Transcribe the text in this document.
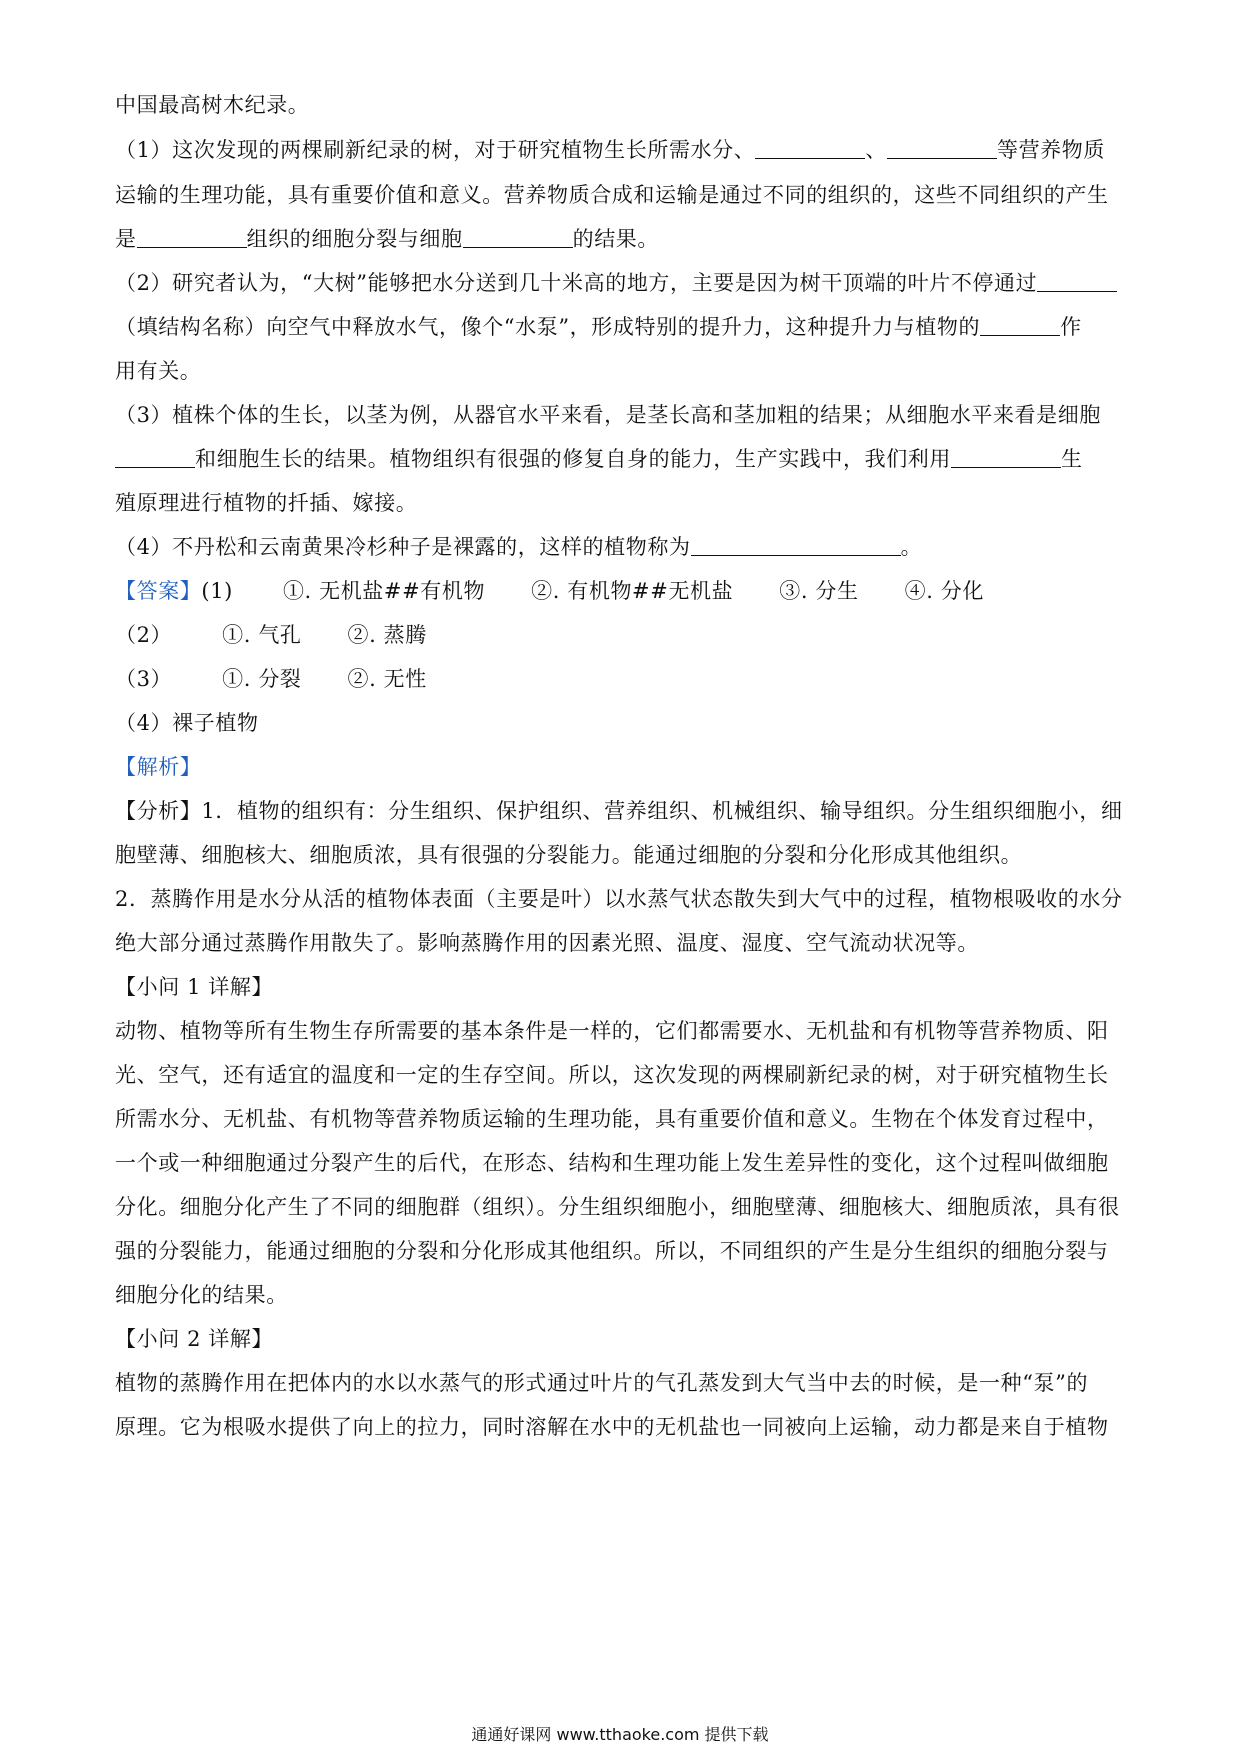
中国最高树木纪录。
（1）这次发现的两棵刷新纪录的树，对于研究植物生长所需水分、	、	等营养物质
运输的生理功能，具有重要价值和意义。营养物质合成和运输是通过不同的组织的，这些不同组织的产生
是	组织的细胞分裂与细胞	的结果。
（2）研究者认为，“大树”能够把水分送到几十米高的地方，主要是因为树干顶端的叶片不停通过
（填结构名称）向空气中释放水气，像个“水泵”，形成特别的提升力，这种提升力与植物的	作
用有关。
（3）植株个体的生长，以茎为例，从器官水平来看，是茎长高和茎加粗的结果；从细胞水平来看是细胞
和细胞生长的结果。植物组织有很强的修复自身的能力，生产实践中，我们利用	生
殖原理进行植物的扦插、嫁接。
（4）不丹松和云南黄果冷杉种子是裸露的，这样的植物称为	。
【答案】(1) ①. 无机盐##有机物 ②. 有机物##无机盐 ③. 分生 ④. 分化
（2） ①. 气孔 ②. 蒸腾
（3） ①. 分裂 ②. 无性
（4）裸子植物
【解析】
【分析】1．植物的组织有：分生组织、保护组织、营养组织、机械组织、输导组织。分生组织细胞小，细
胞壁薄、细胞核大、细胞质浓，具有很强的分裂能力。能通过细胞的分裂和分化形成其他组织。
2．蒸腾作用是水分从活的植物体表面（主要是叶）以水蒸气状态散失到大气中的过程，植物根吸收的水分
绝大部分通过蒸腾作用散失了。影响蒸腾作用的因素光照、温度、湿度、空气流动状况等。
【小问 1 详解】
动物、植物等所有生物生存所需要的基本条件是一样的，它们都需要水、无机盐和有机物等营养物质、阳
光、空气，还有适宜的温度和一定的生存空间。所以，这次发现的两棵刷新纪录的树，对于研究植物生长
所需水分、无机盐、有机物等营养物质运输的生理功能，具有重要价值和意义。生物在个体发育过程中，
一个或一种细胞通过分裂产生的后代，在形态、结构和生理功能上发生差异性的变化，这个过程叫做细胞
分化。细胞分化产生了不同的细胞群（组织）。分生组织细胞小，细胞壁薄、细胞核大、细胞质浓，具有很
强的分裂能力，能通过细胞的分裂和分化形成其他组织。所以，不同组织的产生是分生组织的细胞分裂与
细胞分化的结果。
【小问 2 详解】
植物的蒸腾作用在把体内的水以水蒸气的形式通过叶片的气孔蒸发到大气当中去的时候，是一种“泵”的
原理。它为根吸水提供了向上的拉力，同时溶解在水中的无机盐也一同被向上运输，动力都是来自于植物
通通好课网 www.tthaoke.com 提供下载
